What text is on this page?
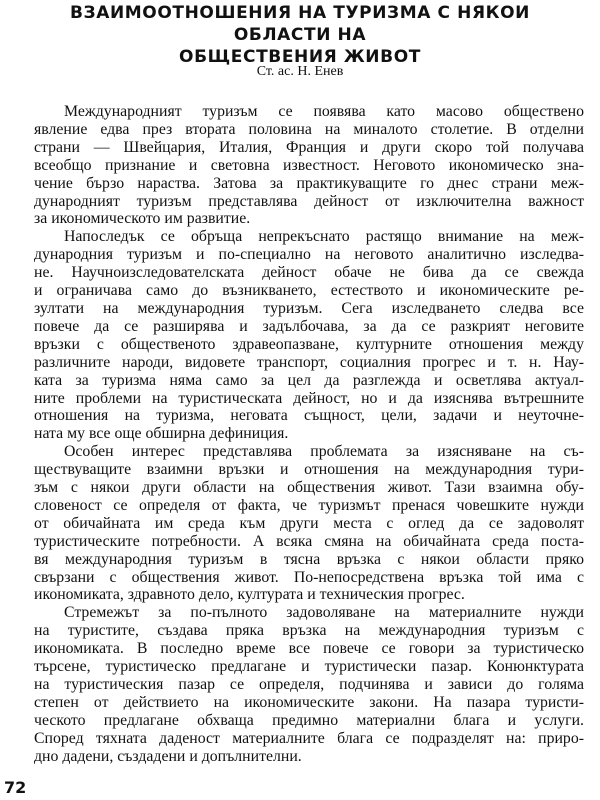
ВЗАИМООТНОШЕНИЯ НА ТУРИЗМА С НЯКОИ ОБЛАСТИ НА
ОБЩЕСТВЕНИЯ ЖИВОТ

Ст. ас. Н. Енев

Международният туризъм се появява като масово обществено
явление едва през втората половина на миналото столетие. В отделни
страни — Швейцария, Италия, Франция и други скоро той получава
всеобщо признание и световна известност. Неговото икономическо зна-
чение бързо нараства. Затова за практикуващите го днес страни меж-
дународният туризъм представлява дейност от изключителна важност
за икономическото им развитие.

Напоследък се обръща непрекъснато растящо внимание на меж-
дународния туризъм и по-специално на неговото аналитично изследва-
не. Научноизследователската дейност обаче не бива да се свежда
и ограничава само до възникването, естеството и икономическите ре-
зултати на международния туризъм. Сега изследването следва все
повече да се разширява и задълбочава, за да се разкрият неговите
връзки с общественото здравеопазване, културните отношения между
различните народи, видовете транспорт, социалния прогрес и т. н. Нау-
ката за туризма няма само за цел да разглежда и осветлява актуал-
ните проблеми на туристическата дейност, но и да изяснява вътрешните
отношения на туризма, неговата същност, цели, задачи и неуточне-
ната му все още обширна дефиниция.

Особен интерес представлява проблемата за изясняване на съ-
ществуващите взаимни връзки и отношения на международния тури-
зъм с някои други области на обществения живот. Тази взаимна обу-
словеност се определя от факта, че туризмът пренася човешките нужди
от обичайната им среда към други места с оглед да се задоволят
туристическите потребности. А всяка смяна на обичайната среда поста-
вя международния туризъм в тясна връзка с някои области пряко
свързани с обществения живот. По-непосредствена връзка той има с
икономиката, здравното дело, културата и техническия прогрес.

Стремежът за по-пълното задоволяване на материалните нужди
на туристите, създава пряка връзка на международния туризъм с
икономиката. В последно време все повече се говори за туристическо
търсене, туристическо предлагане и туристически пазар. Конюнктурата
на туристическия пазар се определя, подчинява и зависи до голяма
степен от действието на икономическите закони. На пазара туристи-
ческото предлагане обхваща предимно материални блага и услуги.
Според тяхната даденост материалните блага се подразделят на: приро-
дно дадени, създадени и допълнителни.

72
